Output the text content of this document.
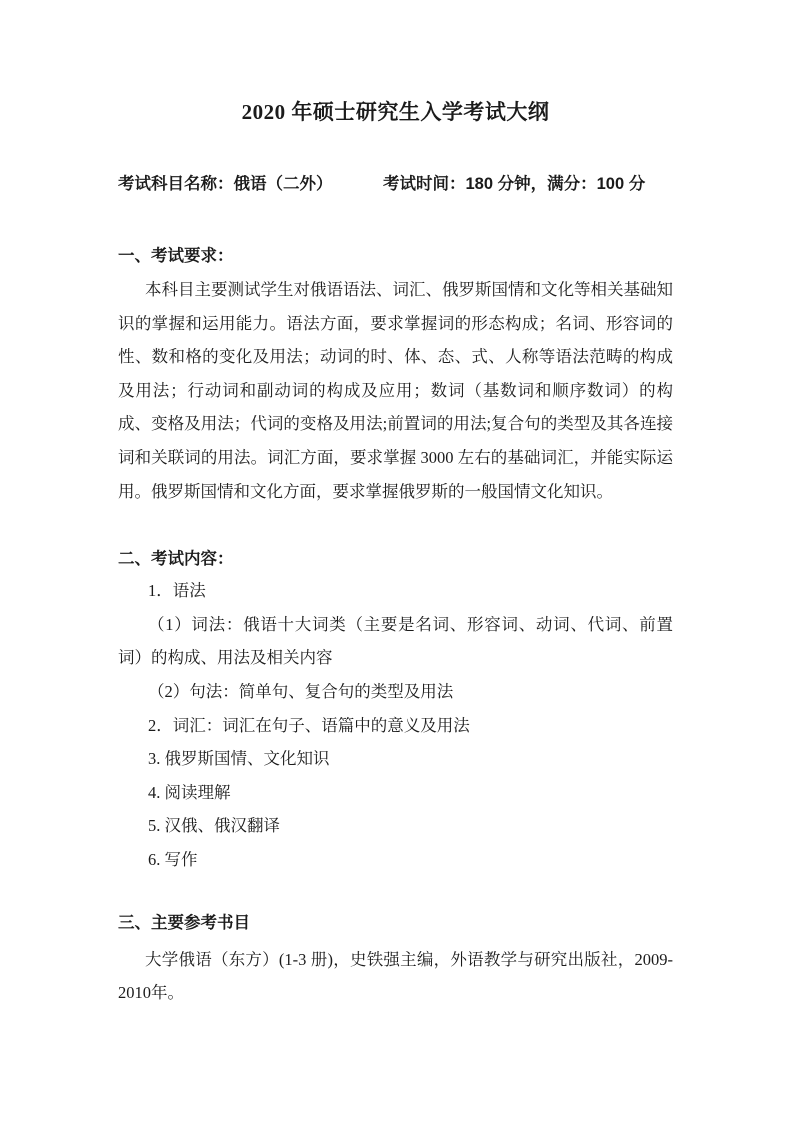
2020 年硕士研究生入学考试大纲
考试科目名称：俄语（二外）	考试时间：180 分钟，满分：100 分

一、考试要求：

本科目主要测试学生对俄语语法、词汇、俄罗斯国情和文化等相关基础知识的掌握和运用能力。语法方面，要求掌握词的形态构成；名词、形容词的性、数和格的变化及用法；动词的时、体、态、式、人称等语法范畴的构成及用法；行动词和副动词的构成及应用；数词（基数词和顺序数词）的构成、变格及用法；代词的变格及用法;前置词的用法;复合句的类型及其各连接词和关联词的用法。词汇方面，要求掌握 3000 左右的基础词汇，并能实际运用。俄罗斯国情和文化方面，要求掌握俄罗斯的一般国情文化知识。

二、考试内容：

1．语法

（1）词法：俄语十大词类（主要是名词、形容词、动词、代词、前置词）的构成、用法及相关内容

（2）句法：简单句、复合句的类型及用法

2．词汇：词汇在句子、语篇中的意义及用法

3. 俄罗斯国情、文化知识

4. 阅读理解

5. 汉俄、俄汉翻译

6. 写作

三、主要参考书目

大学俄语（东方）(1-3 册)，史铁强主编，外语教学与研究出版社，2009-2010年。
